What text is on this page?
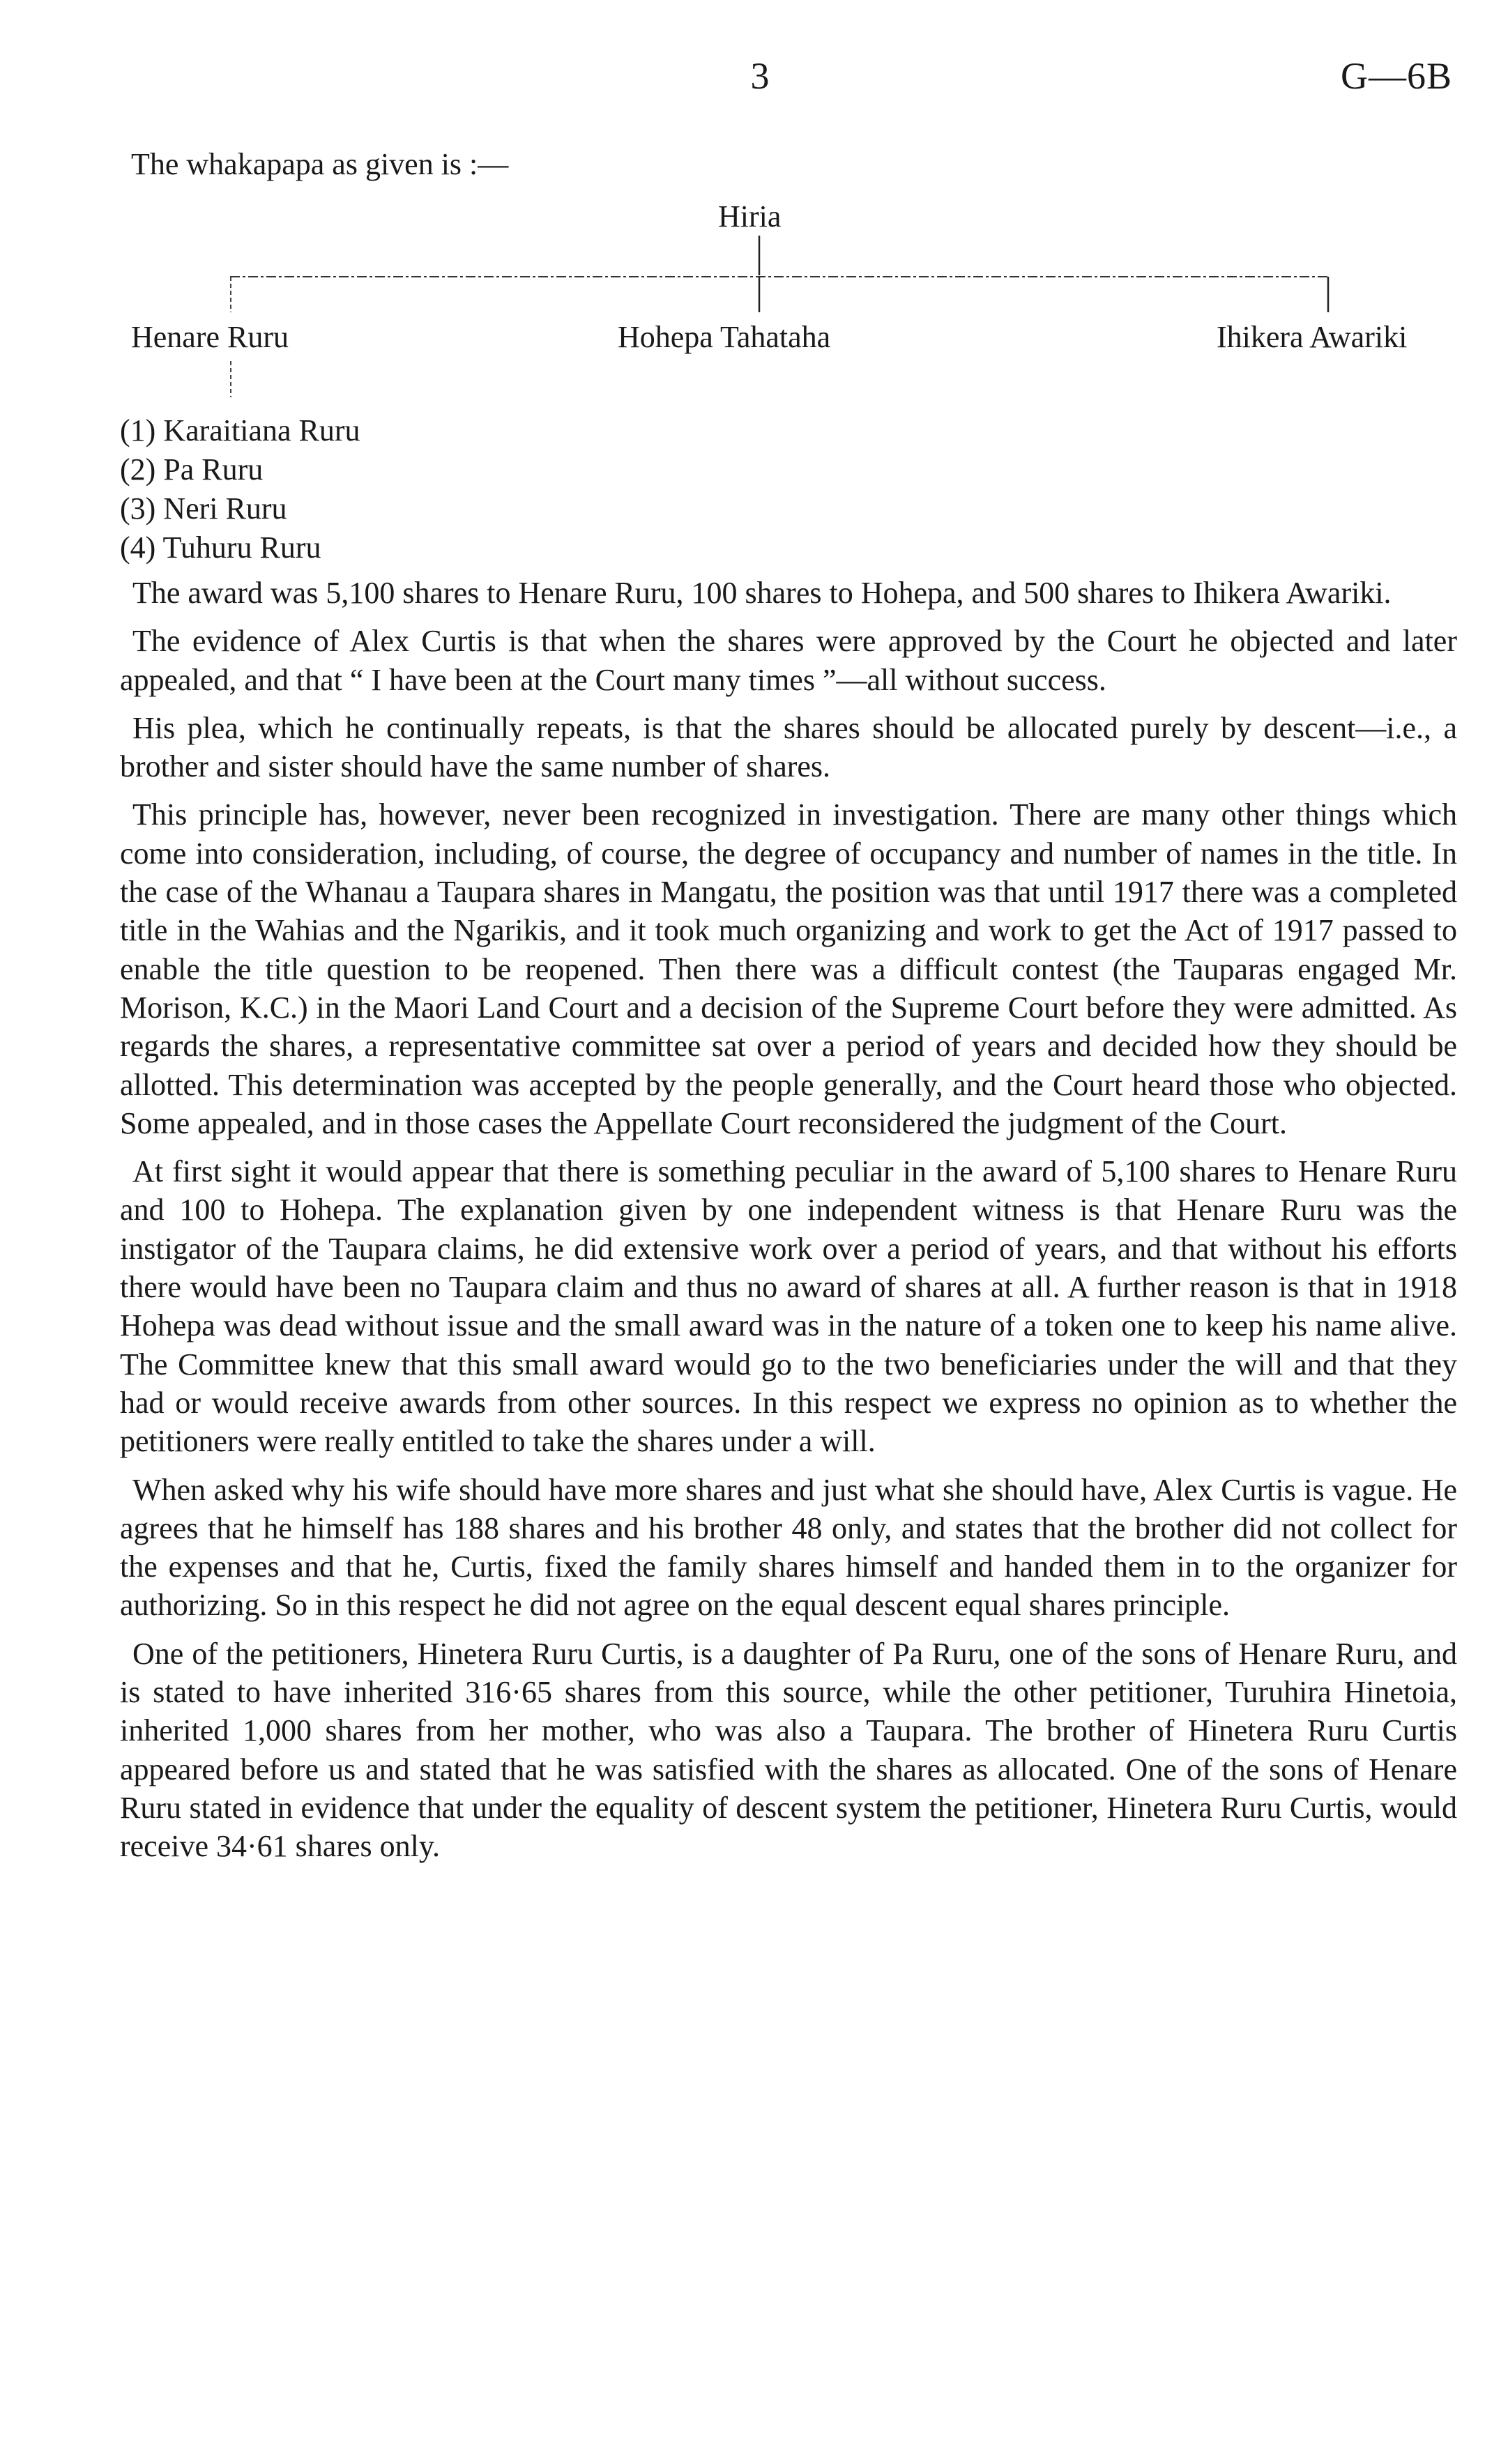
3	G—6B
The whakapapa as given is :—
Hiria
Henare Ruru	Hohepa Tahataha	Ihikera Awariki
(1) Karaitiana Ruru
(2) Pa Ruru
(3) Neri Ruru
(4) Tuhuru Ruru

The award was 5,100 shares to Henare Ruru, 100 shares to Hohepa, and 500 shares to Ihikera Awariki.

The evidence of Alex Curtis is that when the shares were approved by the Court he objected and later appealed, and that “ I have been at the Court many times ”—all without success.

His plea, which he continually repeats, is that the shares should be allocated purely by descent—i.e., a brother and sister should have the same number of shares.

This principle has, however, never been recognized in investigation. There are many other things which come into consideration, including, of course, the degree of occupancy and number of names in the title. In the case of the Whanau a Taupara shares in Mangatu, the position was that until 1917 there was a completed title in the Wahias and the Ngarikis, and it took much organizing and work to get the Act of 1917 passed to enable the title question to be reopened. Then there was a difficult contest (the Tauparas engaged Mr. Morison, K.C.) in the Maori Land Court and a decision of the Supreme Court before they were admitted. As regards the shares, a representative committee sat over a period of years and decided how they should be allotted. This determination was accepted by the people generally, and the Court heard those who objected. Some appealed, and in those cases the Appellate Court reconsidered the judgment of the Court.

At first sight it would appear that there is something peculiar in the award of 5,100 shares to Henare Ruru and 100 to Hohepa. The explanation given by one independent witness is that Henare Ruru was the instigator of the Taupara claims, he did extensive work over a period of years, and that without his efforts there would have been no Taupara claim and thus no award of shares at all. A further reason is that in 1918 Hohepa was dead without issue and the small award was in the nature of a token one to keep his name alive. The Committee knew that this small award would go to the two beneficiaries under the will and that they had or would receive awards from other sources. In this respect we express no opinion as to whether the petitioners were really entitled to take the shares under a will.

When asked why his wife should have more shares and just what she should have, Alex Curtis is vague. He agrees that he himself has 188 shares and his brother 48 only, and states that the brother did not collect for the expenses and that he, Curtis, fixed the family shares himself and handed them in to the organizer for authorizing. So in this respect he did not agree on the equal descent equal shares principle.

One of the petitioners, Hinetera Ruru Curtis, is a daughter of Pa Ruru, one of the sons of Henare Ruru, and is stated to have inherited 316·65 shares from this source, while the other petitioner, Turuhira Hinetoia, inherited 1,000 shares from her mother, who was also a Taupara. The brother of Hinetera Ruru Curtis appeared before us and stated that he was satisfied with the shares as allocated. One of the sons of Henare Ruru stated in evidence that under the equality of descent system the petitioner, Hinetera Ruru Curtis, would receive 34·61 shares only.
